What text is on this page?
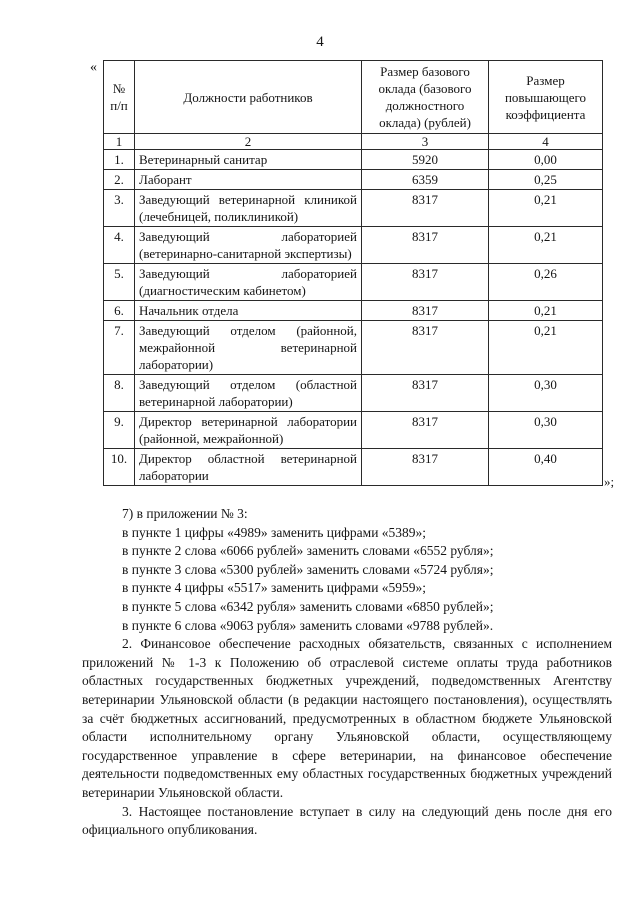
4
«
№
п/п	Должности работников	Размер базового оклада (базового должностного оклада) (рублей)	Размер повышающего коэффициента
1	2	3	4
1.	Ветеринарный санитар	5920	0,00
2.	Лаборант	6359	0,25
3.	Заведующий ветеринарной клиникой (лечебницей, поликлиникой)	8317	0,21
4.	Заведующий лабораторией (ветеринарно-санитарной экспертизы)	8317	0,21
5.	Заведующий лабораторией (диагностическим кабинетом)	8317	0,26
6.	Начальник отдела	8317	0,21
7.	Заведующий отделом (районной, межрайонной ветеринарной лаборатории)	8317	0,21
8.	Заведующий отделом (областной ветеринарной лаборатории)	8317	0,30
9.	Директор ветеринарной лаборатории (районной, межрайонной)	8317	0,30
10.	Директор областной ветеринарной лаборатории	8317	0,40
»;

7) в приложении № 3:

в пункте 1 цифры «4989» заменить цифрами «5389»;

в пункте 2 слова «6066 рублей» заменить словами «6552 рубля»;

в пункте 3 слова «5300 рублей» заменить словами «5724 рубля»;

в пункте 4 цифры «5517» заменить цифрами «5959»;

в пункте 5 слова «6342 рубля» заменить словами «6850 рублей»;

в пункте 6 слова «9063 рубля» заменить словами «9788 рублей».

2. Финансовое обеспечение расходных обязательств, связанных с исполнением приложений № 1-3 к Положению об отраслевой системе оплаты труда работников областных государственных бюджетных учреждений, подведомственных Агентству ветеринарии Ульяновской области (в редакции настоящего постановления), осуществлять за счёт бюджетных ассигнований, предусмотренных в областном бюджете Ульяновской области исполнительному органу Ульяновской области, осуществляющему государственное управление в сфере ветеринарии, на финансовое обеспечение деятельности подведомственных ему областных государственных бюджетных учреждений ветеринарии Ульяновской области.

3. Настоящее постановление вступает в силу на следующий день после дня его официального опубликования.
